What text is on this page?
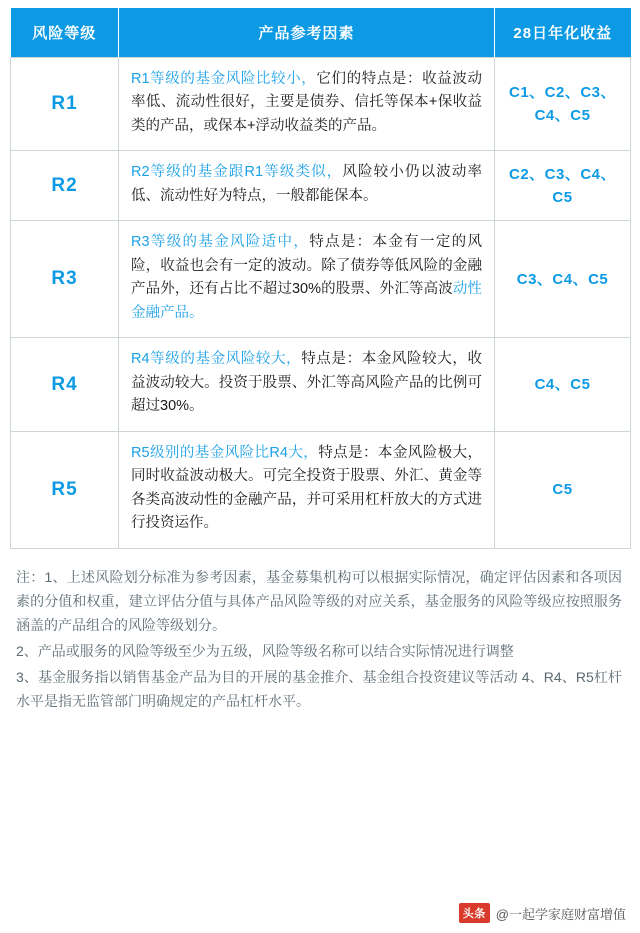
风险等级	产品参考因素	28日年化收益
R1	R1等级的基金风险比较小，它们的特点是：收益波动率低、流动性很好，主要是债券、信托等保本+保收益类的产品，或保本+浮动收益类的产品。	C1、C2、C3、C4、C5
R2	R2等级的基金跟R1等级类似，风险较小仍以波动率低、流动性好为特点，一般都能保本。	C2、C3、C4、C5
R3	R3等级的基金风险适中，特点是：本金有一定的风险，收益也会有一定的波动。除了债券等低风险的金融产品外，还有占比不超过30%的股票、外汇等高波动性金融产品。	C3、C4、C5
R4	R4等级的基金风险较大，特点是：本金风险较大，收益波动较大。投资于股票、外汇等高风险产品的比例可超过30%。	C4、C5
R5	R5级别的基金风险比R4大，特点是：本金风险极大，同时收益波动极大。可完全投资于股票、外汇、黄金等各类高波动性的金融产品，并可采用杠杆放大的方式进行投资运作。	C5

注：1、上述风险划分标准为参考因素，基金募集机构可以根据实际情况，确定评估因素和各项因素的分值和权重，建立评估分值与具体产品风险等级的对应关系，基金服务的风险等级应按照服务涵盖的产品组合的风险等级划分。

2、产品或服务的风险等级至少为五级，风险等级名称可以结合实际情况进行调整

3、基金服务指以销售基金产品为目的开展的基金推介、基金组合投资建议等活动 4、R4、R5杠杆水平是指无监管部门明确规定的产品杠杆水平。

头条 @一起学家庭财富增值
